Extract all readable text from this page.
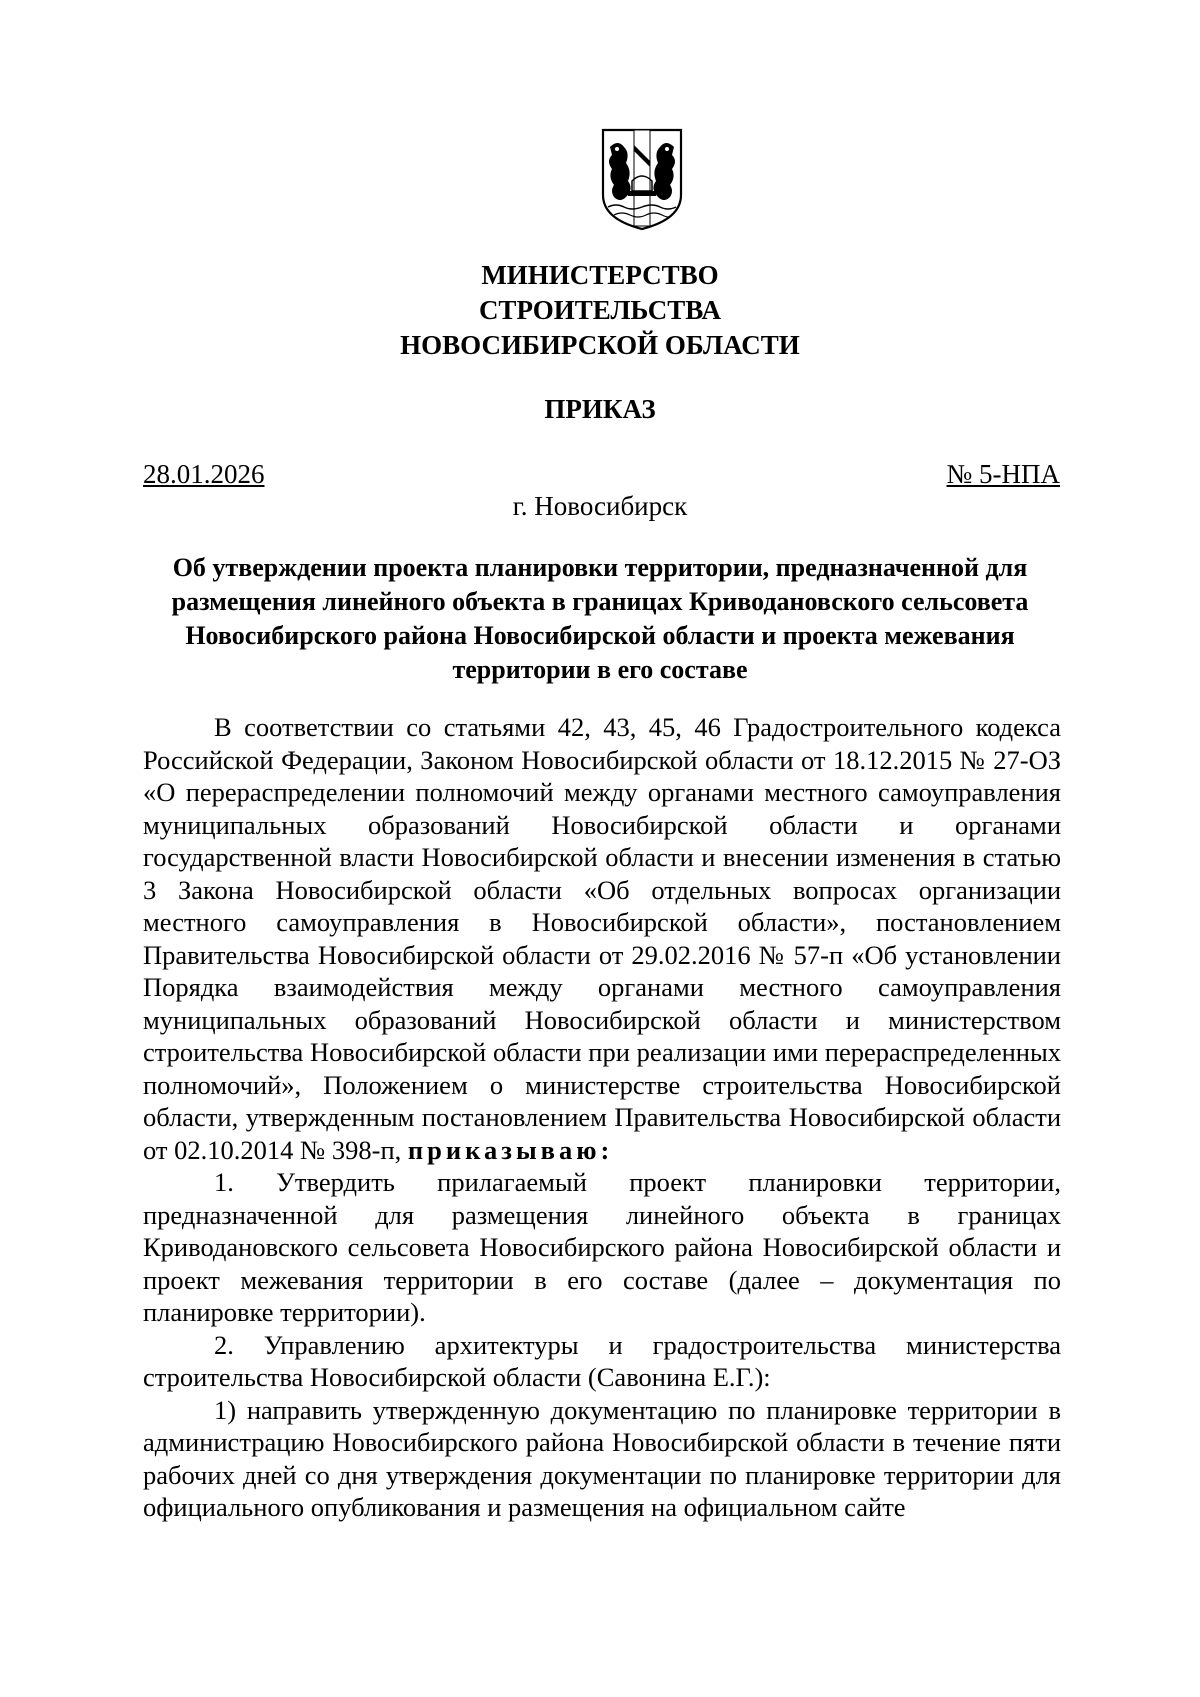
МИНИСТЕРСТВО
СТРОИТЕЛЬСТВА
НОВОСИБИРСКОЙ ОБЛАСТИ
ПРИКАЗ
28.01.2026	№ 5-НПА
г. Новосибирск
Об утверждении проекта планировки территории, предназначенной для
размещения линейного объекта в границах Криводановского сельсовета
Новосибирского района Новосибирской области и проекта межевания
территории в его составе

В соответствии со статьями 42, 43, 45, 46 Градостроительного кодекса Российской Федерации, Законом Новосибирской области от 18.12.2015 № 27-ОЗ «О перераспределении полномочий между органами местного самоуправления муниципальных образований Новосибирской области и органами государственной власти Новосибирской области и внесении изменения в статью 3 Закона Новосибирской области «Об отдельных вопросах организации местного самоуправления в Новосибирской области», постановлением Правительства Новосибирской области от 29.02.2016 № 57-п «Об установлении Порядка взаимодействия между органами местного самоуправления муниципальных образований Новосибирской области и министерством строительства Новосибирской области при реализации ими перераспределенных полномочий», Положением о министерстве строительства Новосибирской области, утвержденным постановлением Правительства Новосибирской области от 02.10.2014 № 398-п, приказываю:

1. Утвердить прилагаемый проект планировки территории, предназначенной для размещения линейного объекта в границах Криводановского сельсовета Новосибирского района Новосибирской области и проект межевания территории в его составе (далее – документация по планировке территории).

2. Управлению архитектуры и градостроительства министерства строительства Новосибирской области (Савонина Е.Г.):

1) направить утвержденную документацию по планировке территории в администрацию Новосибирского района Новосибирской области в течение пяти рабочих дней со дня утверждения документации по планировке территории для официального опубликования и размещения на официальном сайте
